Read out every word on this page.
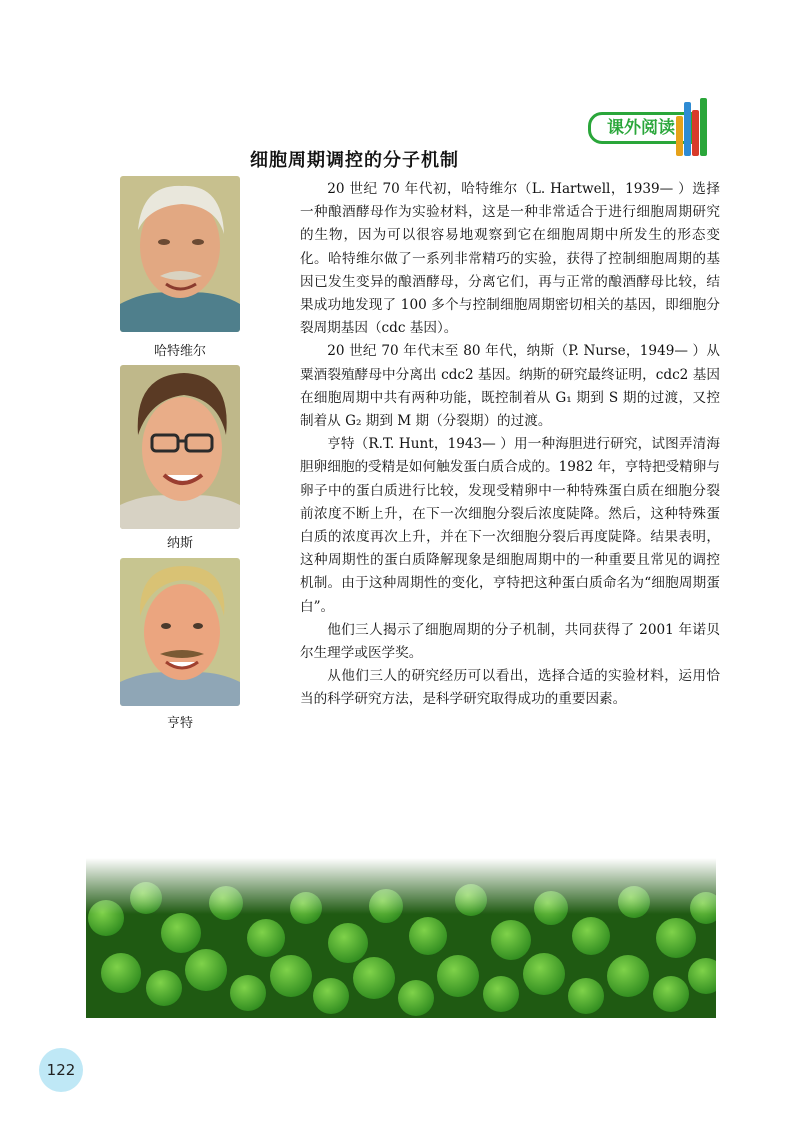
课外阅读
细胞周期调控的分子机制
哈特维尔
纳斯
亨特

20 世纪 70 年代初，哈特维尔（L. Hartwell，1939— ）选择一种酿酒酵母作为实验材料，这是一种非常适合于进行细胞周期研究的生物，因为可以很容易地观察到它在细胞周期中所发生的形态变化。哈特维尔做了一系列非常精巧的实验，获得了控制细胞周期的基因已发生变异的酿酒酵母，分离它们，再与正常的酿酒酵母比较，结果成功地发现了 100 多个与控制细胞周期密切相关的基因，即细胞分裂周期基因（cdc 基因）。

20 世纪 70 年代末至 80 年代，纳斯（P. Nurse，1949— ）从粟酒裂殖酵母中分离出 cdc2 基因。纳斯的研究最终证明，cdc2 基因在细胞周期中共有两种功能，既控制着从 G₁ 期到 S 期的过渡，又控制着从 G₂ 期到 M 期（分裂期）的过渡。

亨特（R.T. Hunt，1943— ）用一种海胆进行研究，试图弄清海胆卵细胞的受精是如何触发蛋白质合成的。1982 年，亨特把受精卵与卵子中的蛋白质进行比较，发现受精卵中一种特殊蛋白质在细胞分裂前浓度不断上升，在下一次细胞分裂后浓度陡降。然后，这种特殊蛋白质的浓度再次上升，并在下一次细胞分裂后再度陡降。结果表明，这种周期性的蛋白质降解现象是细胞周期中的一种重要且常见的调控机制。由于这种周期性的变化，亨特把这种蛋白质命名为“细胞周期蛋白”。

他们三人揭示了细胞周期的分子机制，共同获得了 2001 年诺贝尔生理学或医学奖。

从他们三人的研究经历可以看出，选择合适的实验材料，运用恰当的科学研究方法，是科学研究取得成功的重要因素。

122
